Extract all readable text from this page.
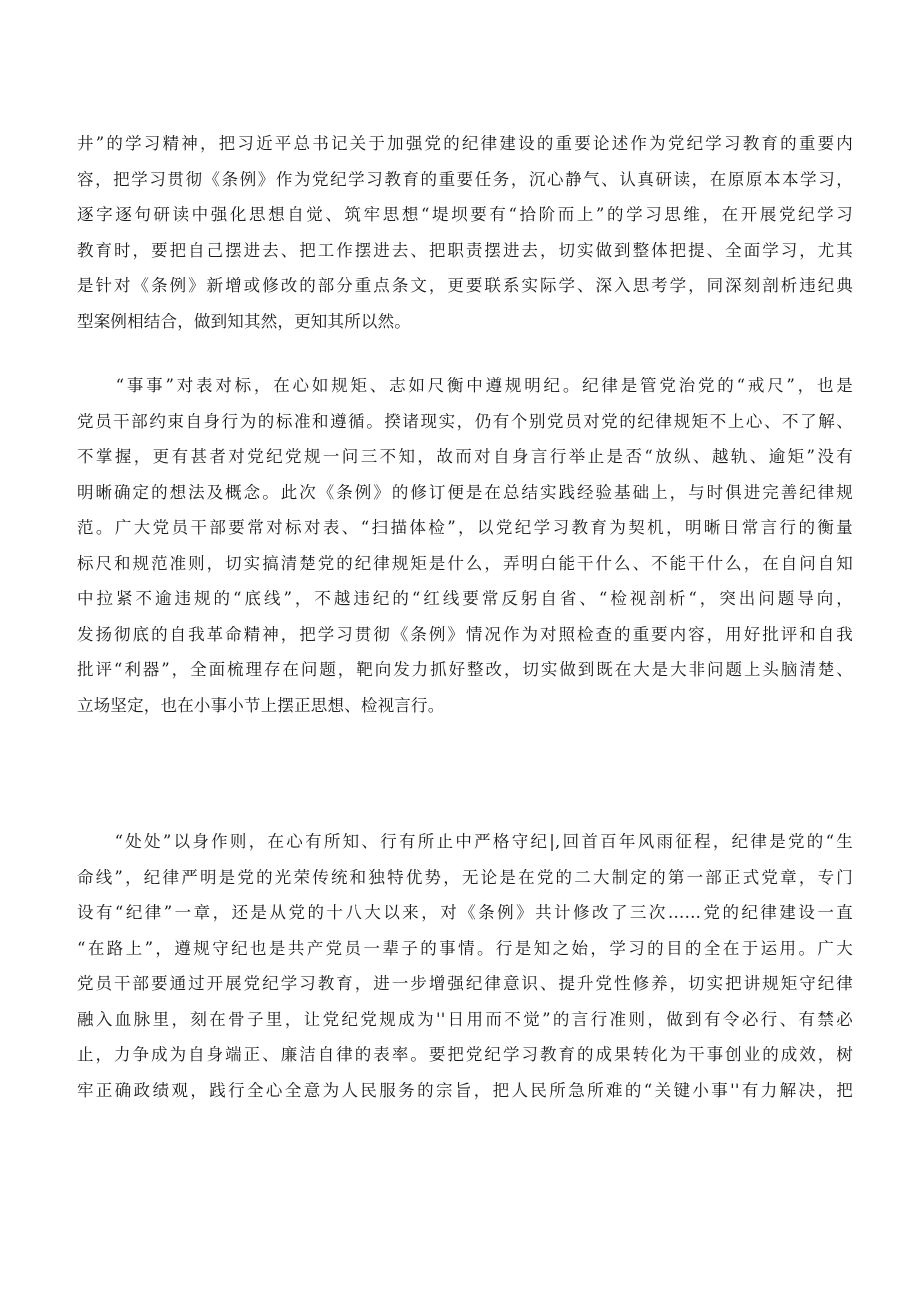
井”的学习精神，把习近平总书记关于加强党的纪律建设的重要论述作为党纪学习教育的重要内
容，把学习贯彻《条例》作为党纪学习教育的重要任务，沉心静气、认真研读，在原原本本学习，
逐字逐句研读中强化思想自觉、筑牢思想“堤坝要有“拾阶而上”的学习思维，在开展党纪学习
教育时，要把自己摆进去、把工作摆进去、把职责摆进去，切实做到整体把提、全面学习，尤其
是针对《条例》新增或修改的部分重点条文，更要联系实际学、深入思考学，同深刻剖析违纪典
型案例相结合，做到知其然，更知其所以然。
　　“事事”对表对标，在心如规矩、志如尺衡中遵规明纪。纪律是管党治党的“戒尺”，也是
党员干部约束自身行为的标准和遵循。揆诸现实，仍有个别党员对党的纪律规矩不上心、不了解、
不掌握，更有甚者对党纪党规一问三不知，故而对自身言行举止是否“放纵、越轨、逾矩”没有
明晰确定的想法及概念。此次《条例》的修订便是在总结实践经验基础上，与时俱进完善纪律规
范。广大党员干部要常对标对表、“扫描体检”，以党纪学习教育为契机，明晰日常言行的衡量
标尺和规范准则，切实搞清楚党的纪律规矩是什么，弄明白能干什么、不能干什么，在自问自知
中拉紧不逾违规的“底线”，不越违纪的“红线要常反躬自省、“检视剖析“，突出问题导向，
发扬彻底的自我革命精神，把学习贯彻《条例》情况作为对照检查的重要内容，用好批评和自我
批评“利器”，全面梳理存在问题，靶向发力抓好整改，切实做到既在大是大非问题上头脑清楚、
立场坚定，也在小事小节上摆正思想、检视言行。
　　“处处”以身作则，在心有所知、行有所止中严格守纪|,回首百年风雨征程，纪律是党的“生
命线”，纪律严明是党的光荣传统和独特优势，无论是在党的二大制定的第一部正式党章，专门
设有“纪律”一章，还是从党的十八大以来，对《条例》共计修改了三次……党的纪律建设一直
“在路上”，遵规守纪也是共产党员一辈子的事情。行是知之始，学习的目的全在于运用。广大
党员干部要通过开展党纪学习教育，进一步增强纪律意识、提升党性修养，切实把讲规矩守纪律
融入血脉里，刻在骨子里，让党纪党规成为''日用而不觉”的言行准则，做到有令必行、有禁必
止，力争成为自身端正、廉洁自律的表率。要把党纪学习教育的成果转化为干事创业的成效，树
牢正确政绩观，践行全心全意为人民服务的宗旨，把人民所急所难的“关键小事''有力解决，把
